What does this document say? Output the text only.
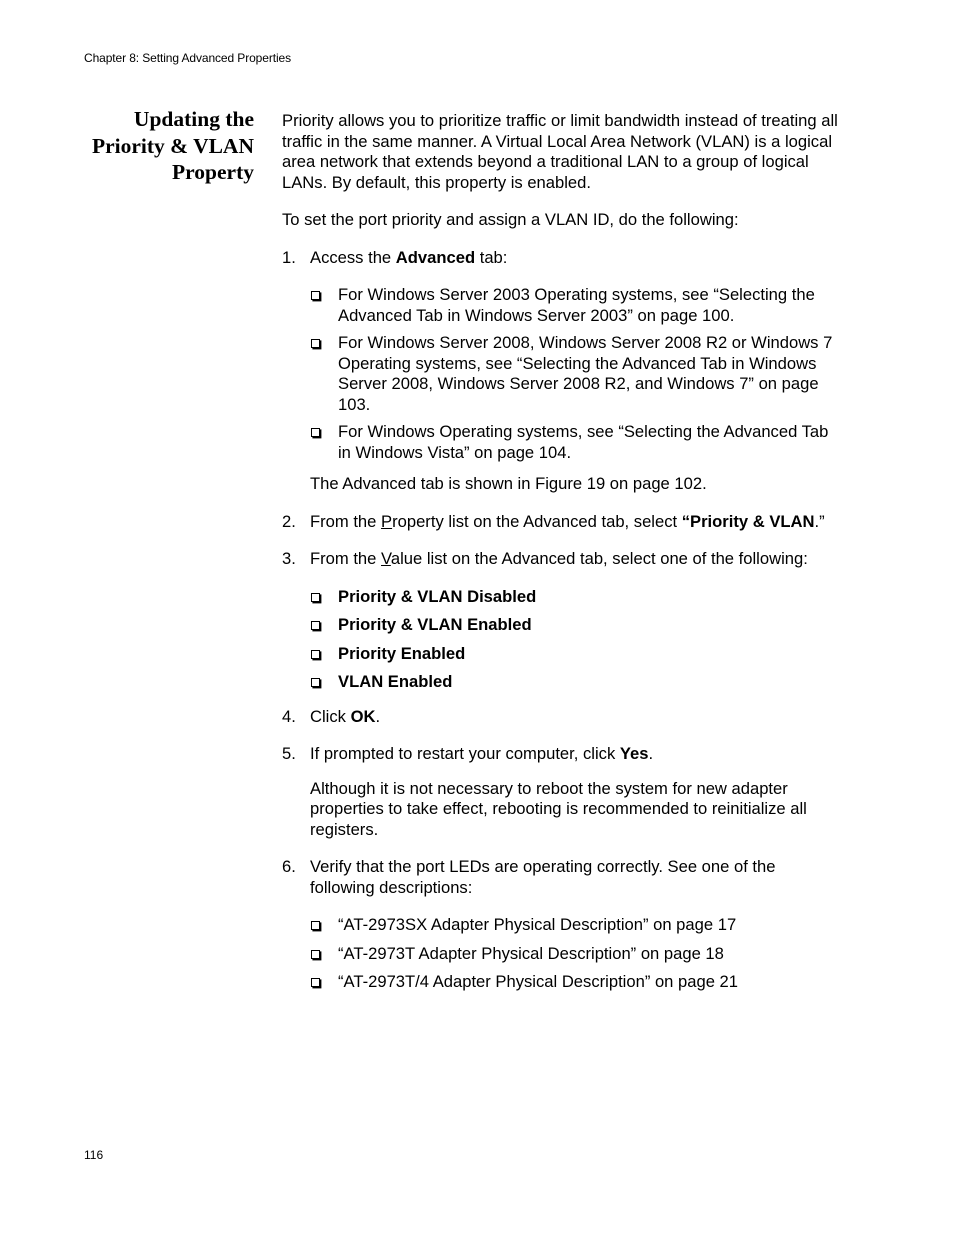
Chapter 8: Setting Advanced Properties
Updating the
Priority & VLAN
Property

Priority allows you to prioritize traffic or limit bandwidth instead of treating all traffic in the same manner. A Virtual Local Area Network (VLAN) is a logical area network that extends beyond a traditional LAN to a group of logical LANs. By default, this property is enabled.

To set the port priority and assign a VLAN ID, do the following:

1. Access the Advanced tab:
For Windows Server 2003 Operating systems, see “Selecting the Advanced Tab in Windows Server 2003” on page 100.
For Windows Server 2008, Windows Server 2008 R2 or Windows 7 Operating systems, see “Selecting the Advanced Tab in Windows Server 2008, Windows Server 2008 R2, and Windows 7” on page 103.
For Windows Operating systems, see “Selecting the Advanced Tab in Windows Vista” on page 104.

The Advanced tab is shown in Figure 19 on page 102.

2. From the Property list on the Advanced tab, select “Priority & VLAN.”
3. From the Value list on the Advanced tab, select one of the following:
Priority & VLAN Disabled
Priority & VLAN Enabled
Priority Enabled
VLAN Enabled
4. Click OK.
5. If prompted to restart your computer, click Yes.

Although it is not necessary to reboot the system for new adapter properties to take effect, rebooting is recommended to reinitialize all registers.

6. Verify that the port LEDs are operating correctly. See one of the following descriptions:
“AT-2973SX Adapter Physical Description” on page 17
“AT-2973T Adapter Physical Description” on page 18
“AT-2973T/4 Adapter Physical Description” on page 21
116
